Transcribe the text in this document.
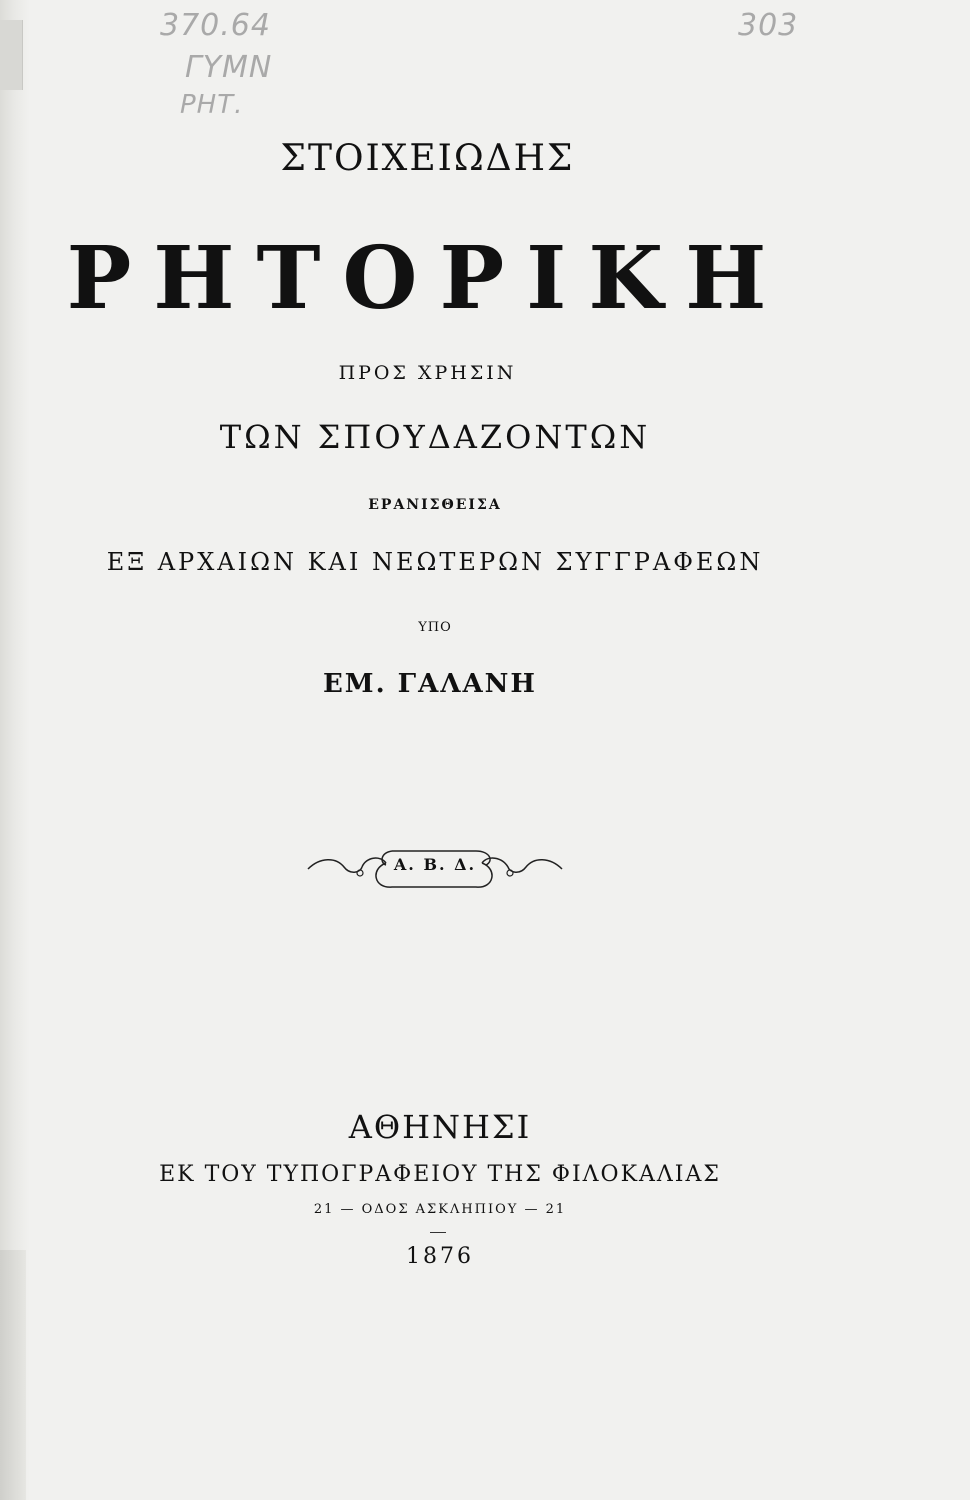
370.64
ΓΥΜΝ
ΡΗΤ.
303
ΣΤΟΙΧΕΙΩΔΗΣ
ΡΗΤΟΡΙΚΗ
ΠΡΟΣ ΧΡΗΣΙΝ
ΤΩΝ ΣΠΟΥΔΑΖΟΝΤΩΝ
ΕΡΑΝΙΣΘΕΙΣΑ
ΕΞ ΑΡΧΑΙΩΝ ΚΑΙ ΝΕΩΤΕΡΩΝ ΣΥΓΓΡΑΦΕΩΝ
ΥΠΟ
ΕΜ. ΓΑΛΑΝΗ
Α. Β. Δ.
ΑΘΗΝΗΣΙ
ΕΚ ΤΟΥ ΤΥΠΟΓΡΑΦΕΙΟΥ ΤΗΣ ΦΙΛΟΚΑΛΙΑΣ
21 — ΟΔΟΣ ΑΣΚΛΗΠΙΟΥ — 21
1876
